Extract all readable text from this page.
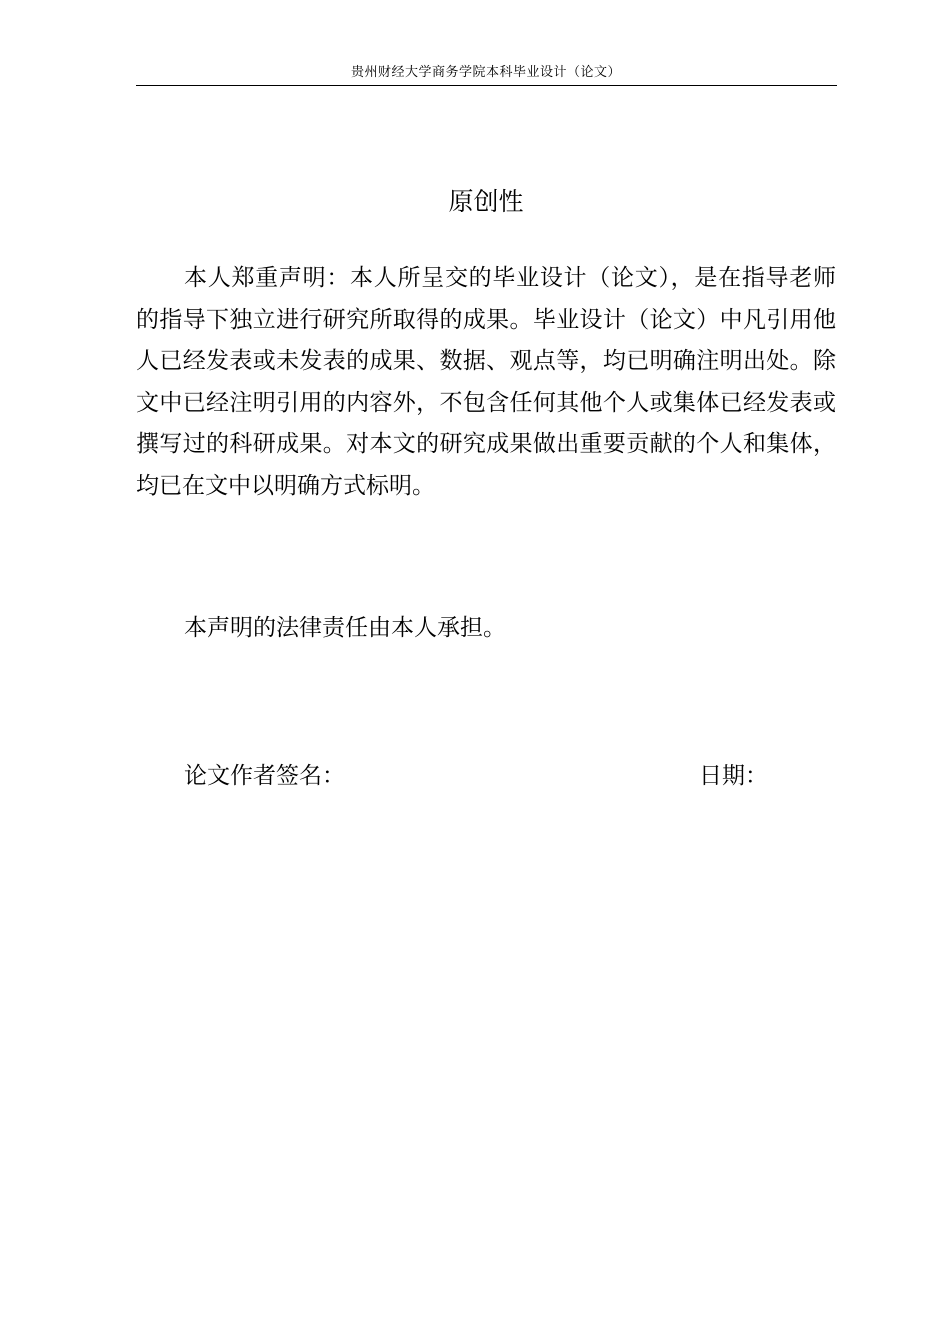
贵州财经大学商务学院本科毕业设计（论文）
原创性

本人郑重声明：本人所呈交的毕业设计（论文），是在指导老师的指导下独立进行研究所取得的成果。毕业设计（论文）中凡引用他人已经发表或未发表的成果、数据、观点等，均已明确注明出处。除文中已经注明引用的内容外，不包含任何其他个人或集体已经发表或撰写过的科研成果。对本文的研究成果做出重要贡献的个人和集体，均已在文中以明确方式标明。

本声明的法律责任由本人承担。

论文作者签名：	日期：
